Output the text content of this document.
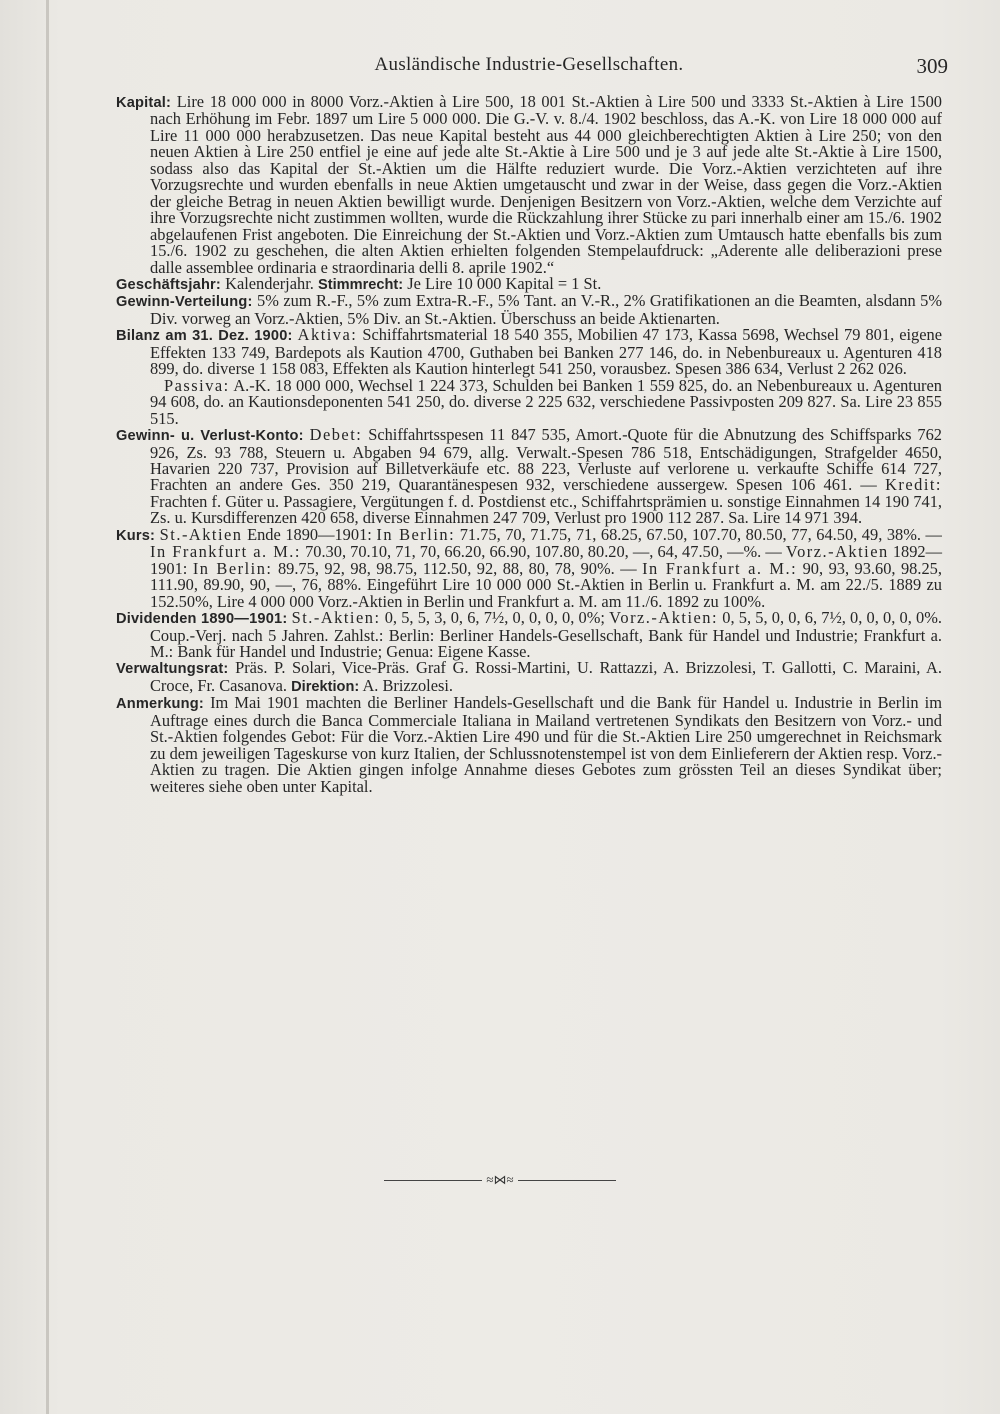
Ausländische Industrie-Gesellschaften.	309

Kapital: Lire 18 000 000 in 8000 Vorz.-Aktien à Lire 500, 18 001 St.-Aktien à Lire 500 und 3333 St.-Aktien à Lire 1500 nach Erhöhung im Febr. 1897 um Lire 5 000 000. Die G.-V. v. 8./4. 1902 beschloss, das A.-K. von Lire 18 000 000 auf Lire 11 000 000 herabzusetzen. Das neue Kapital besteht aus 44 000 gleichberechtigten Aktien à Lire 250; von den neuen Aktien à Lire 250 entfiel je eine auf jede alte St.-Aktie à Lire 500 und je 3 auf jede alte St.-Aktie à Lire 1500, sodass also das Kapital der St.-Aktien um die Hälfte reduziert wurde. Die Vorz.-Aktien verzichteten auf ihre Vorzugsrechte und wurden ebenfalls in neue Aktien umgetauscht und zwar in der Weise, dass gegen die Vorz.-Aktien der gleiche Betrag in neuen Aktien bewilligt wurde. Denjenigen Besitzern von Vorz.-Aktien, welche dem Verzichte auf ihre Vorzugsrechte nicht zustimmen wollten, wurde die Rückzahlung ihrer Stücke zu pari innerhalb einer am 15./6. 1902 abgelaufenen Frist angeboten. Die Einreichung der St.-Aktien und Vorz.-Aktien zum Umtausch hatte ebenfalls bis zum 15./6. 1902 zu geschehen, die alten Aktien erhielten folgenden Stempelaufdruck: „Aderente alle deliberazioni prese dalle assemblee ordinaria e straordinaria delli 8. aprile 1902.“

Geschäftsjahr: Kalenderjahr. Stimmrecht: Je Lire 10 000 Kapital = 1 St.

Gewinn-Verteilung: 5% zum R.-F., 5% zum Extra-R.-F., 5% Tant. an V.-R., 2% Gratifikationen an die Beamten, alsdann 5% Div. vorweg an Vorz.-Aktien, 5% Div. an St.-Aktien. Überschuss an beide Aktienarten.

Bilanz am 31. Dez. 1900: Aktiva: Schiffahrtsmaterial 18 540 355, Mobilien 47 173, Kassa 5698, Wechsel 79 801, eigene Effekten 133 749, Bardepots als Kaution 4700, Guthaben bei Banken 277 146, do. in Nebenbureaux u. Agenturen 418 899, do. diverse 1 158 083, Effekten als Kaution hinterlegt 541 250, vorausbez. Spesen 386 634, Verlust 2 262 026.

Passiva: A.-K. 18 000 000, Wechsel 1 224 373, Schulden bei Banken 1 559 825, do. an Nebenbureaux u. Agenturen 94 608, do. an Kautionsdeponenten 541 250, do. diverse 2 225 632, verschiedene Passivposten 209 827. Sa. Lire 23 855 515.

Gewinn- u. Verlust-Konto: Debet: Schiffahrtsspesen 11 847 535, Amort.-Quote für die Abnutzung des Schiffsparks 762 926, Zs. 93 788, Steuern u. Abgaben 94 679, allg. Verwalt.-Spesen 786 518, Entschädigungen, Strafgelder 4650, Havarien 220 737, Provision auf Billetverkäufe etc. 88 223, Verluste auf verlorene u. verkaufte Schiffe 614 727, Frachten an andere Ges. 350 219, Quarantänespesen 932, verschiedene aussergew. Spesen 106 461. — Kredit: Frachten f. Güter u. Passagiere, Vergütungen f. d. Postdienst etc., Schiffahrtsprämien u. sonstige Einnahmen 14 190 741, Zs. u. Kursdifferenzen 420 658, diverse Einnahmen 247 709, Verlust pro 1900 112 287. Sa. Lire 14 971 394.

Kurs: St.-Aktien Ende 1890—1901: In Berlin: 71.75, 70, 71.75, 71, 68.25, 67.50, 107.70, 80.50, 77, 64.50, 49, 38%. — In Frankfurt a. M.: 70.30, 70.10, 71, 70, 66.20, 66.90, 107.80, 80.20, —, 64, 47.50, —%. — Vorz.-Aktien 1892—1901: In Berlin: 89.75, 92, 98, 98.75, 112.50, 92, 88, 80, 78, 90%. — In Frankfurt a. M.: 90, 93, 93.60, 98.25, 111.90, 89.90, 90, —, 76, 88%. Eingeführt Lire 10 000 000 St.-Aktien in Berlin u. Frankfurt a. M. am 22./5. 1889 zu 152.50%, Lire 4 000 000 Vorz.-Aktien in Berlin und Frankfurt a. M. am 11./6. 1892 zu 100%.

Dividenden 1890—1901: St.-Aktien: 0, 5, 5, 3, 0, 6, 7½, 0, 0, 0, 0, 0%; Vorz.-Aktien: 0, 5, 5, 0, 0, 6, 7½, 0, 0, 0, 0, 0%. Coup.-Verj. nach 5 Jahren. Zahlst.: Berlin: Berliner Handels-Gesellschaft, Bank für Handel und Industrie; Frankfurt a. M.: Bank für Handel und Industrie; Genua: Eigene Kasse.

Verwaltungsrat: Präs. P. Solari, Vice-Präs. Graf G. Rossi-Martini, U. Rattazzi, A. Brizzolesi, T. Gallotti, C. Maraini, A. Croce, Fr. Casanova. Direktion: A. Brizzolesi.

Anmerkung: Im Mai 1901 machten die Berliner Handels-Gesellschaft und die Bank für Handel u. Industrie in Berlin im Auftrage eines durch die Banca Commerciale Italiana in Mailand vertretenen Syndikats den Besitzern von Vorz.- und St.-Aktien folgendes Gebot: Für die Vorz.-Aktien Lire 490 und für die St.-Aktien Lire 250 umgerechnet in Reichsmark zu dem jeweiligen Tageskurse von kurz Italien, der Schlussnotenstempel ist von dem Einlieferern der Aktien resp. Vorz.-Aktien zu tragen. Die Aktien gingen infolge Annahme dieses Gebotes zum grössten Teil an dieses Syndikat über; weiteres siehe oben unter Kapital.

≈⋈≈
